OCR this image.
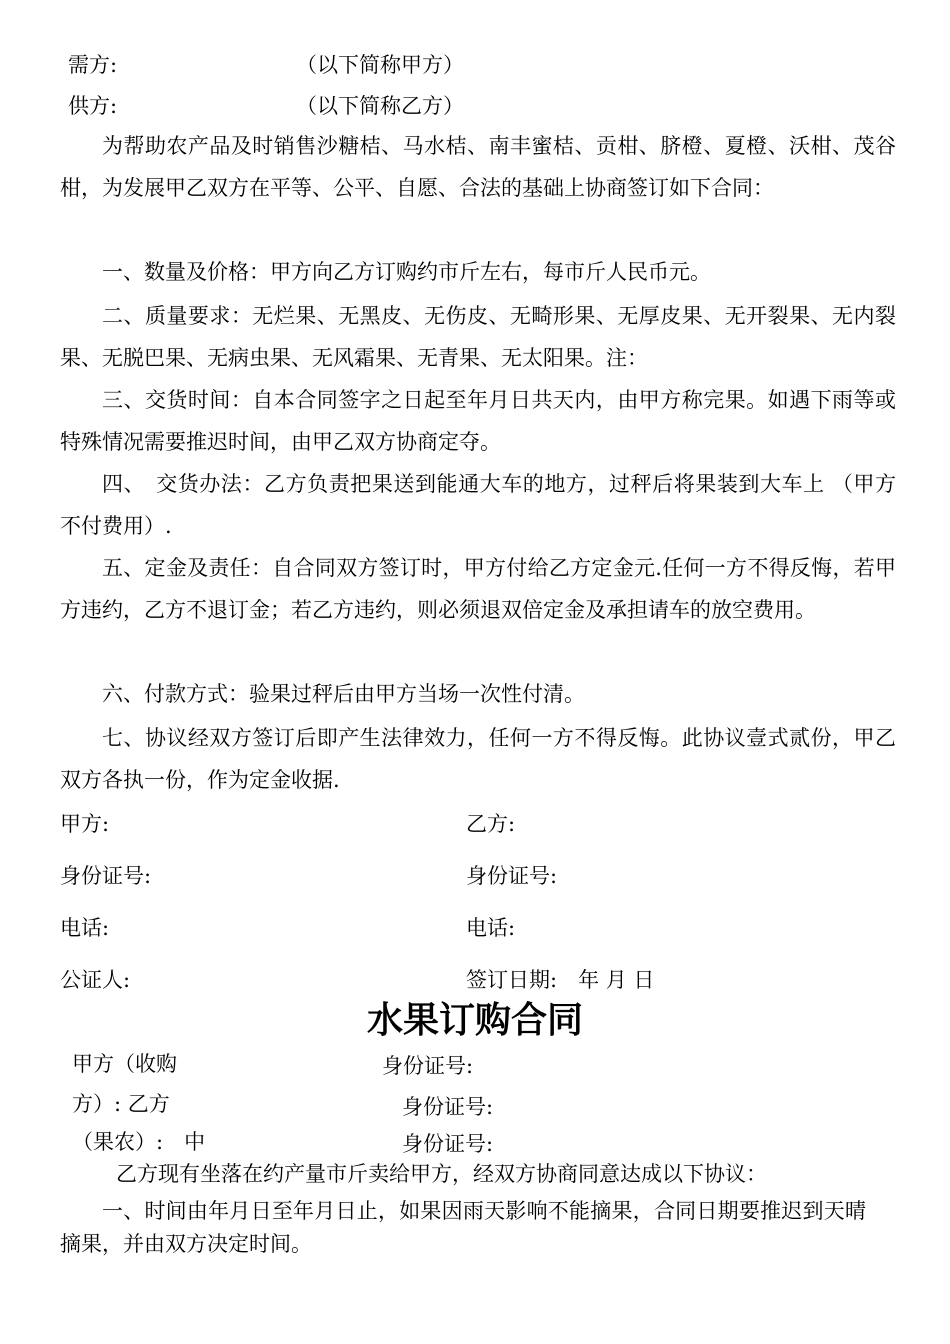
需方:	（以下简称甲方）
供方:	（以下简称乙方）

为帮助农产品及时销售沙糖桔、马水桔、南丰蜜桔、贡柑、脐橙、夏橙、沃柑、茂谷柑，为发展甲乙双方在平等、公平、自愿、合法的基础上协商签订如下合同：

一、数量及价格：甲方向乙方订购约市斤左右，每市斤人民币元。

二、质量要求：无烂果、无黑皮、无伤皮、无畸形果、无厚皮果、无开裂果、无内裂果、无脱巴果、无病虫果、无风霜果、无青果、无太阳果。注：

三、交货时间：自本合同签字之日起至年月日共天内，由甲方称完果。如遇下雨等或特殊情况需要推迟时间，由甲乙双方协商定夺。

四、　交货办法：乙方负责把果送到能通大车的地方，过秤后将果装到大车上 （甲方不付费用）.

五、定金及责任：自合同双方签订时，甲方付给乙方定金元.任何一方不得反悔，若甲方违约，乙方不退订金；若乙方违约，则必须退双倍定金及承担请车的放空费用。

六、付款方式：验果过秤后由甲方当场一次性付清。

七、协议经双方签订后即产生法律效力，任何一方不得反悔。此协议壹式贰份，甲乙双方各执一份，作为定金收据.

甲方:	乙方:
身份证号:	身份证号:
电话:	电话:
公证人:	签订日期:　年 月 日
水果订购合同
甲方（收购	身份证号:
方）: 乙方	身份证号:
（果农）:　中	身份证号:

乙方现有坐落在约产量市斤卖给甲方，经双方协商同意达成以下协议：

一、时间由年月日至年月日止，如果因雨天影响不能摘果，合同日期要推迟到天晴摘果，并由双方决定时间。
